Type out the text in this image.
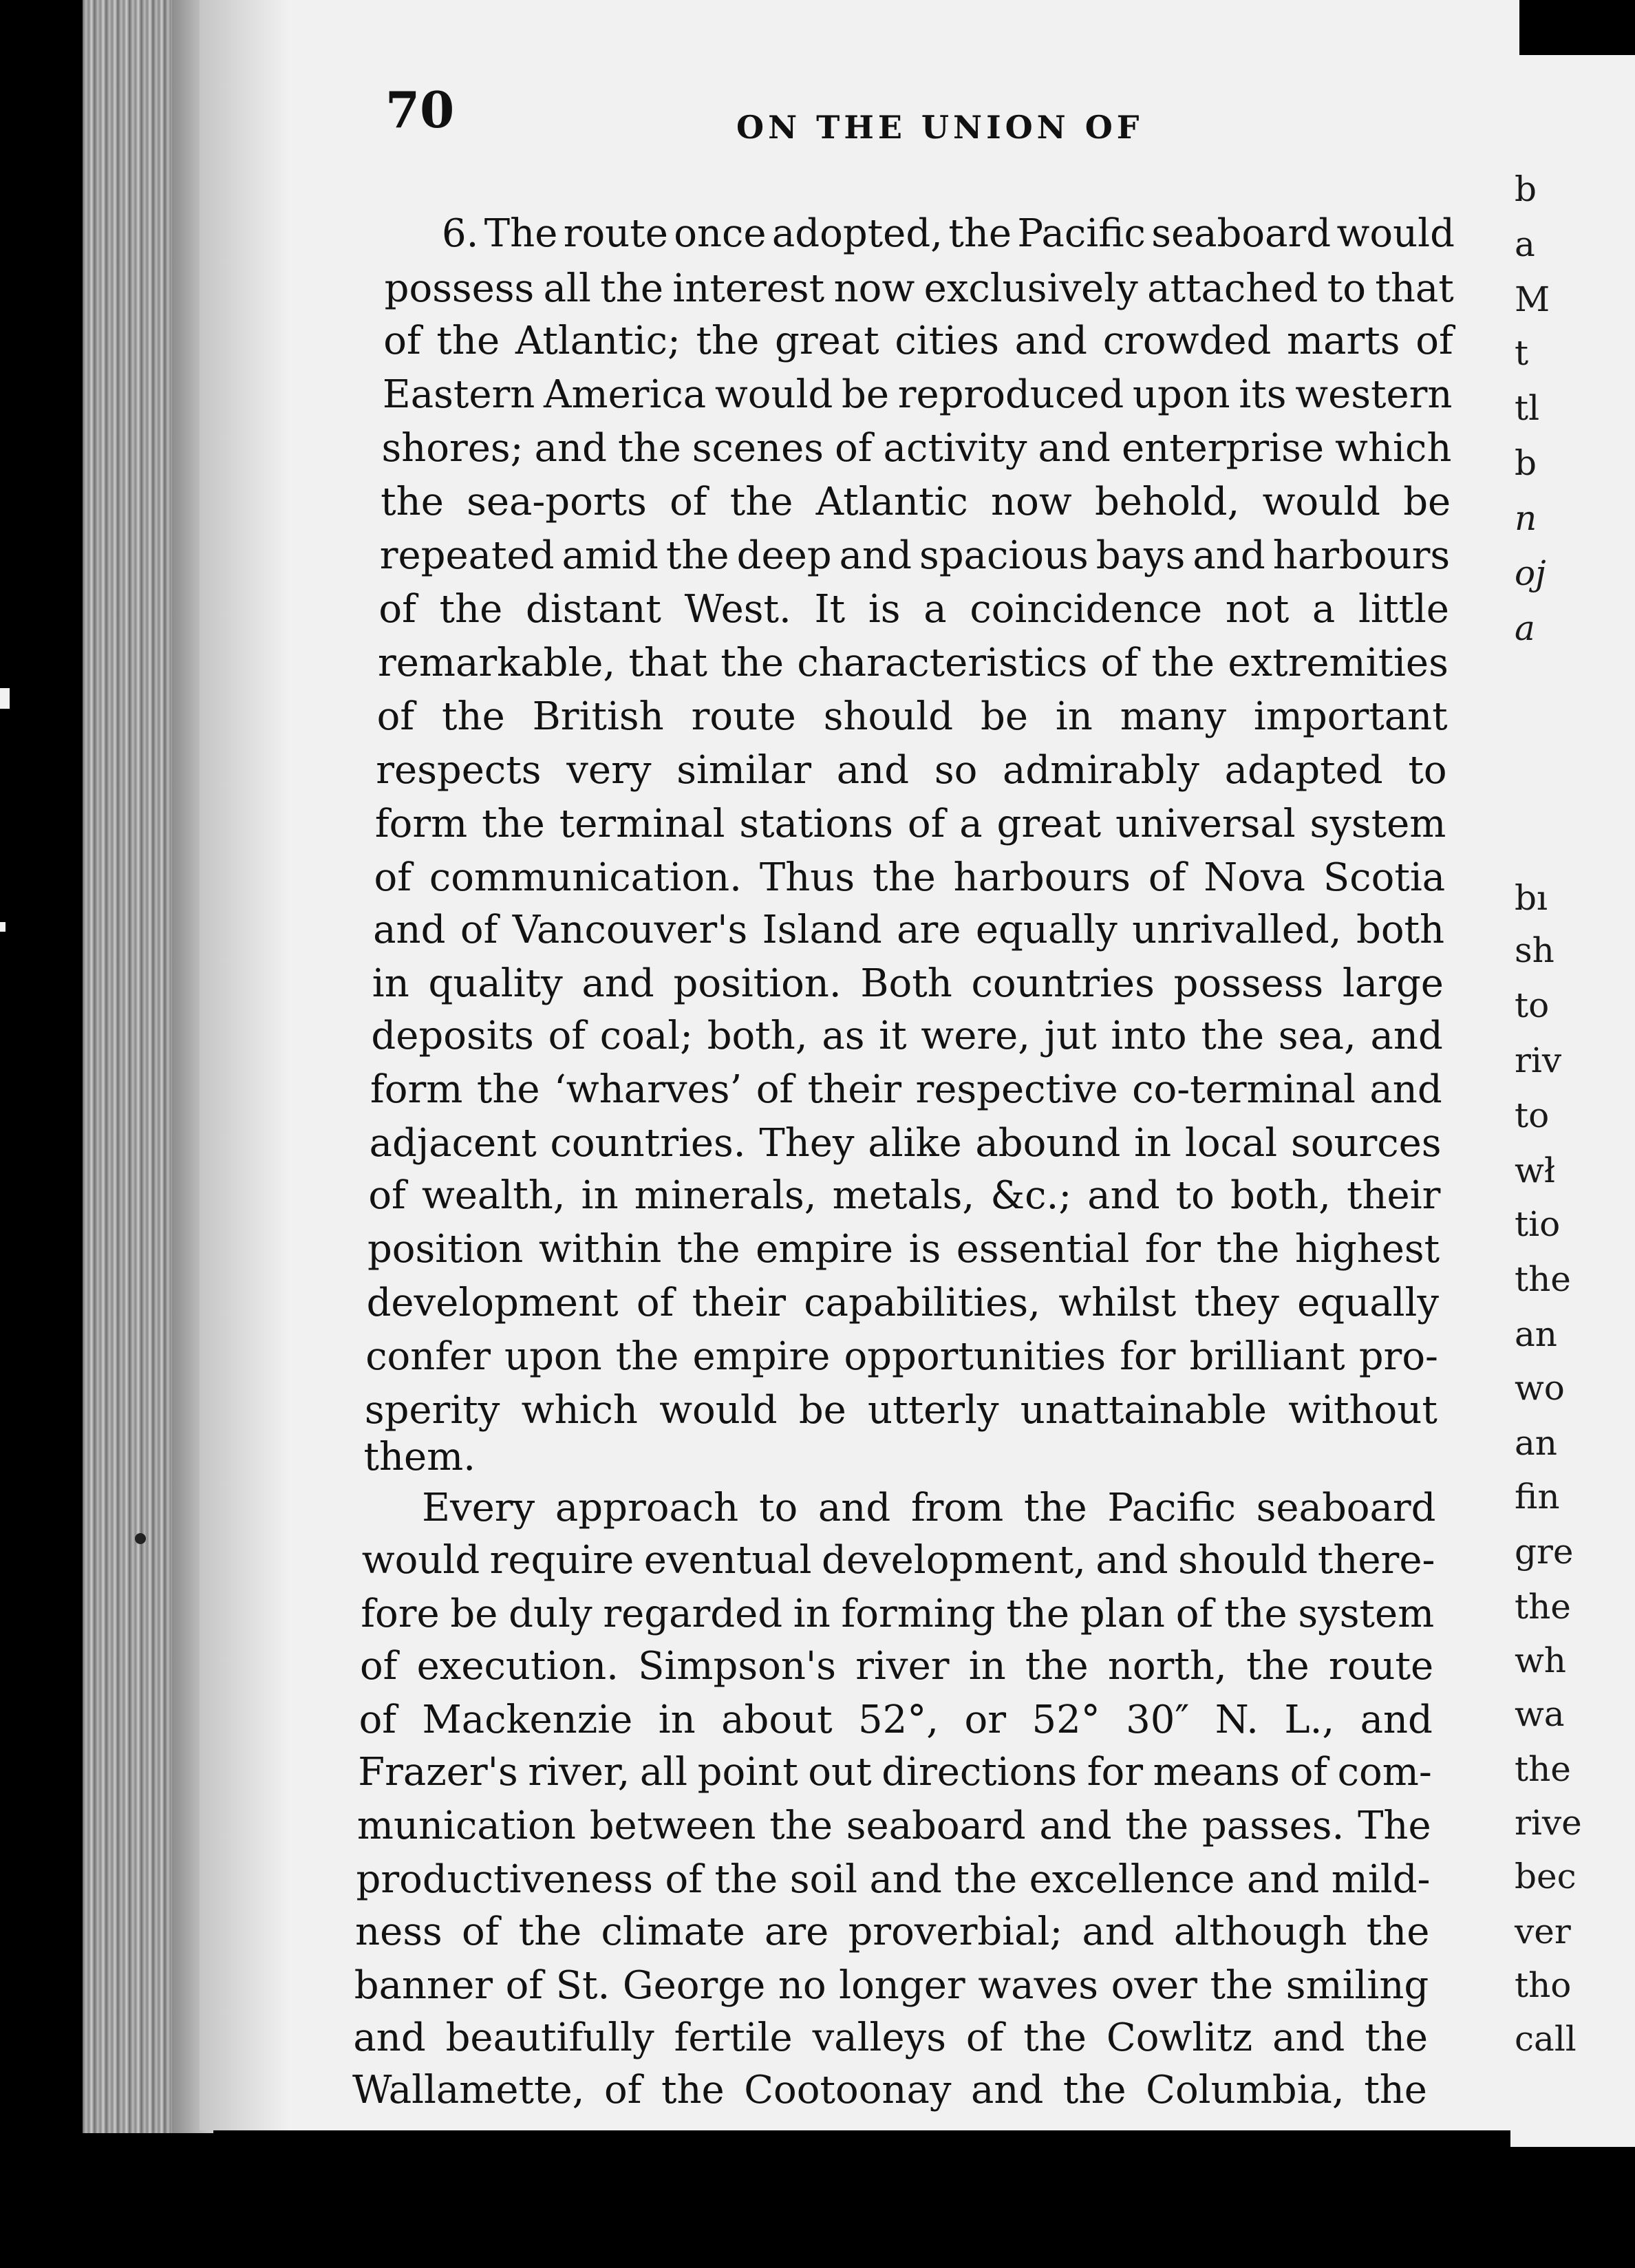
70	ON THE UNION OF
6. The route once adopted, the Pacific seaboard would
possess all the interest now exclusively attached to that
of the Atlantic; the great cities and crowded marts of
Eastern America would be reproduced upon its western
shores; and the scenes of activity and enterprise which
the sea-ports of the Atlantic now behold, would be
repeated amid the deep and spacious bays and harbours
of the distant West. It is a coincidence not a little
remarkable, that the characteristics of the extremities
of the British route should be in many important
respects very similar and so admirably adapted to
form the terminal stations of a great universal system
of communication. Thus the harbours of Nova Scotia
and of Vancouver's Island are equally unrivalled, both
in quality and position. Both countries possess large
deposits of coal; both, as it were, jut into the sea, and
form the ‘wharves’ of their respective co-terminal and
adjacent countries. They alike abound in local sources
of wealth, in minerals, metals, &c.; and to both, their
position within the empire is essential for the highest
development of their capabilities, whilst they equally
confer upon the empire opportunities for brilliant pro-
sperity which would be utterly unattainable without
them.
Every approach to and from the Pacific seaboard
would require eventual development, and should there-
fore be duly regarded in forming the plan of the system
of execution. Simpson's river in the north, the route
of Mackenzie in about 52°, or 52° 30″ N. L., and
Frazer's river, all point out directions for means of com-
munication between the seaboard and the passes. The
productiveness of the soil and the excellence and mild-
ness of the climate are proverbial; and although the
banner of St. George no longer waves over the smiling
and beautifully fertile valleys of the Cowlitz and the
Wallamette, of the Cootoonay and the Columbia, the
b
a
M
t
tl
b
n
oj
a
bı
sh
to
riv
to
wł
tio
the
an
wo
an
fin
gre
the
wh
wa
the
rive
bec
ver
tho
call
